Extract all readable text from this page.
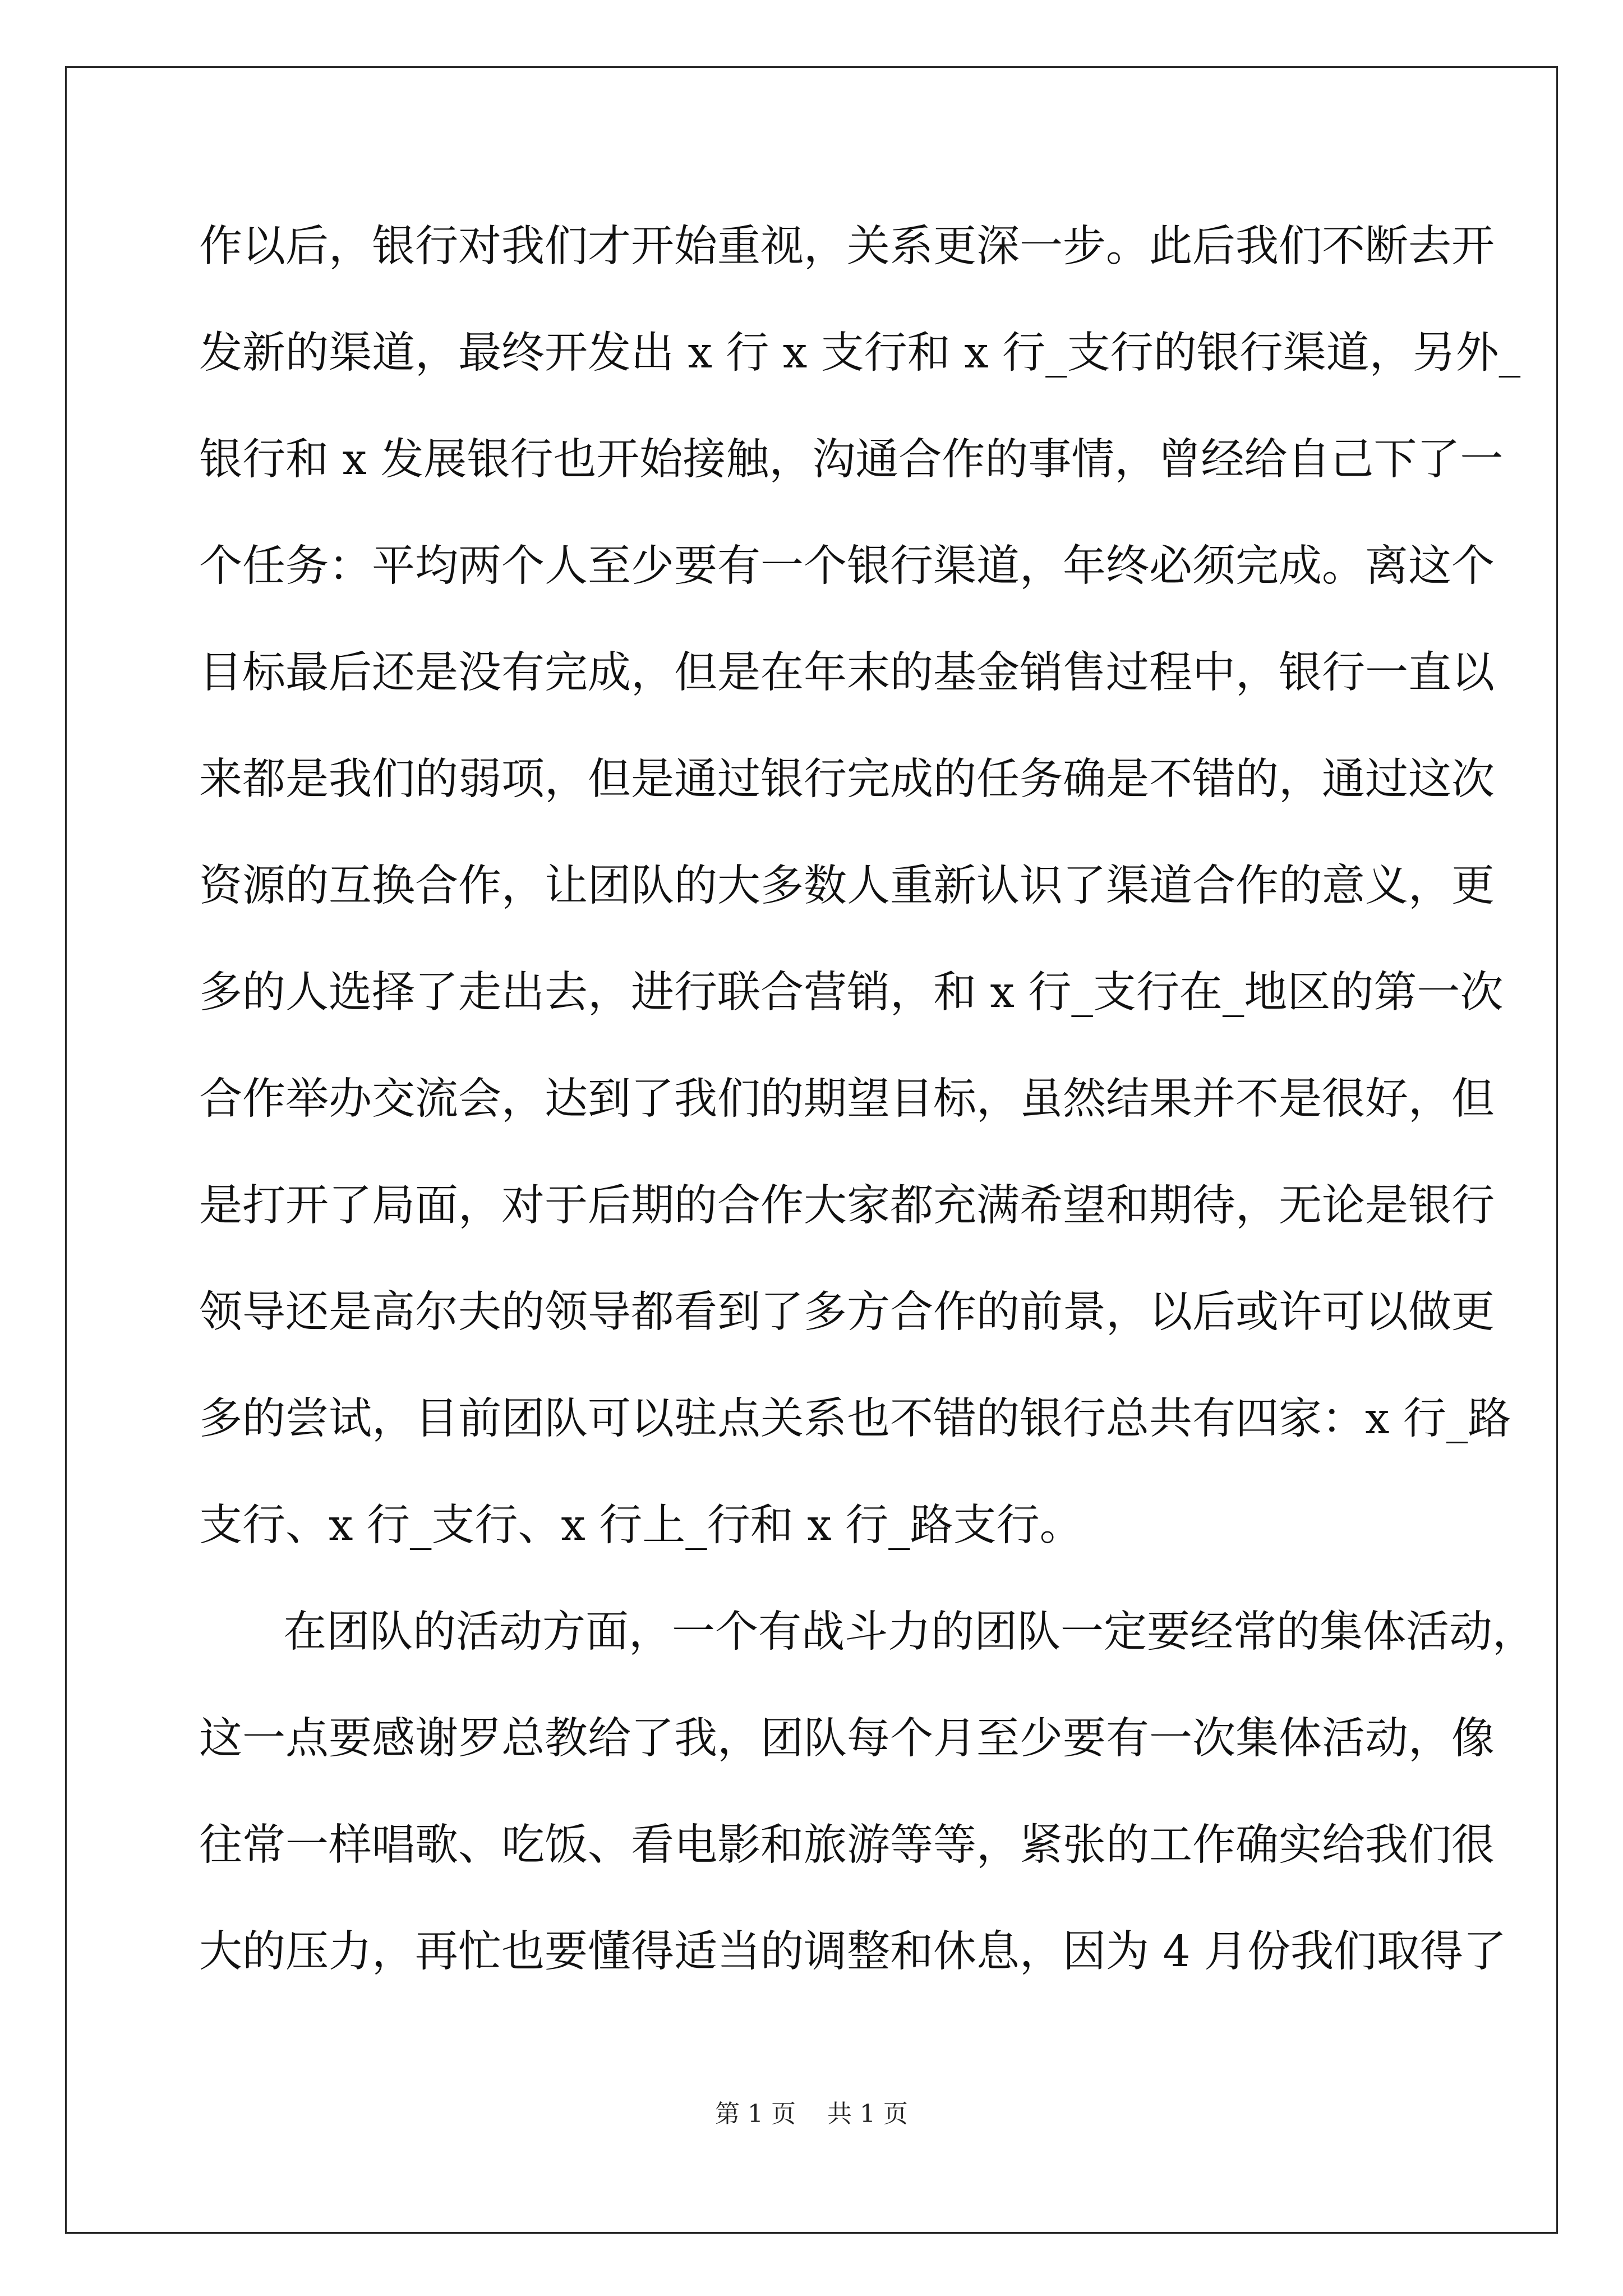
作以后，银行对我们才开始重视，关系更深一步。此后我们不断去开
发新的渠道，最终开发出 x 行 x 支行和 x 行_支行的银行渠道，另外_
银行和 x 发展银行也开始接触，沟通合作的事情，曾经给自己下了一
个任务：平均两个人至少要有一个银行渠道，年终必须完成。离这个
目标最后还是没有完成，但是在年末的基金销售过程中，银行一直以
来都是我们的弱项，但是通过银行完成的任务确是不错的，通过这次
资源的互换合作，让团队的大多数人重新认识了渠道合作的意义，更
多的人选择了走出去，进行联合营销，和 x 行_支行在_地区的第一次
合作举办交流会，达到了我们的期望目标，虽然结果并不是很好，但
是打开了局面，对于后期的合作大家都充满希望和期待，无论是银行
领导还是高尔夫的领导都看到了多方合作的前景，以后或许可以做更
多的尝试，目前团队可以驻点关系也不错的银行总共有四家：x 行_路
支行、x 行_支行、x 行上_行和 x 行_路支行。
在团队的活动方面，一个有战斗力的团队一定要经常的集体活动，
这一点要感谢罗总教给了我，团队每个月至少要有一次集体活动，像
往常一样唱歌、吃饭、看电影和旅游等等，紧张的工作确实给我们很
大的压力，再忙也要懂得适当的调整和休息，因为 4 月份我们取得了
第 1 页    共 1 页
